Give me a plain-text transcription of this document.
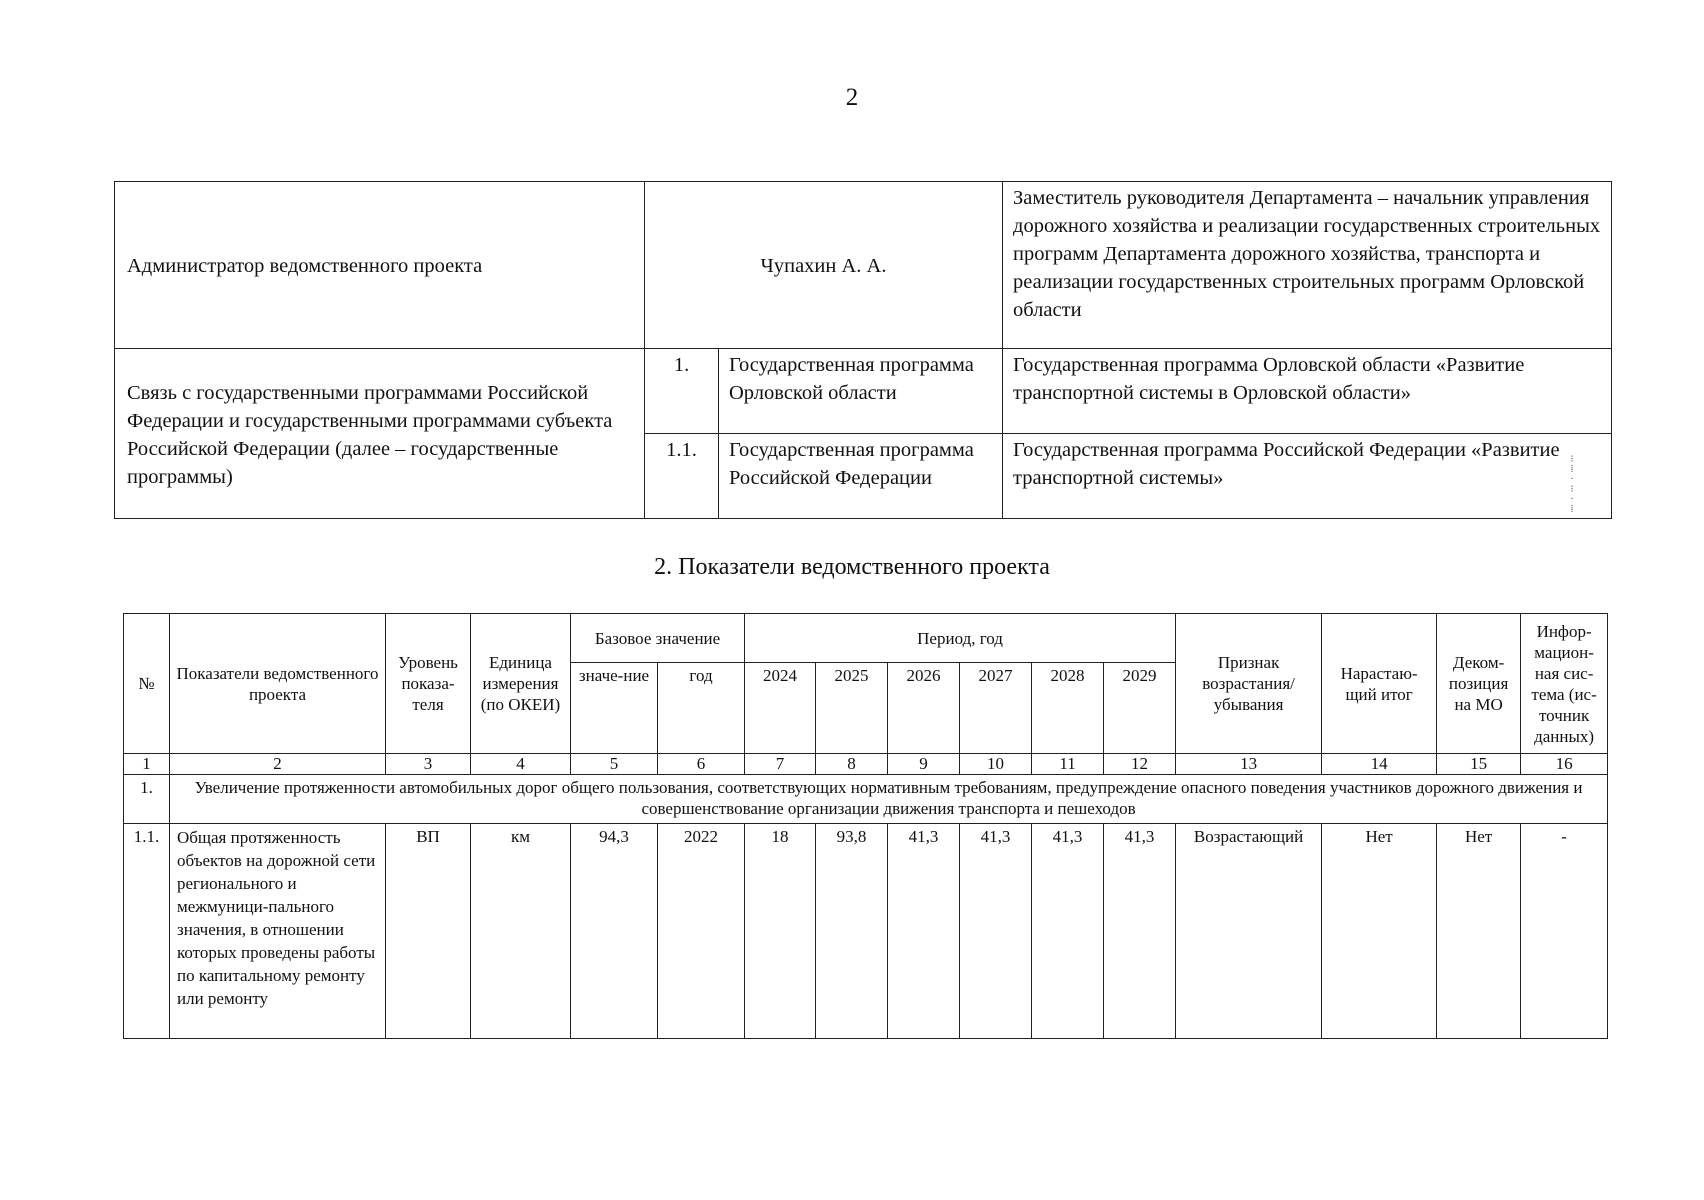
2
Администратор ведомственного проекта	Чупахин А. А.		Заместитель руководителя Департамента – начальник управления дорожного хозяйства и реализации государственных строительных программ Департамента дорожного хозяйства, транспорта и реализации государственных строительных программ Орловской области
Связь с государственными программами Российской Федерации и государственными программами субъекта Российской Федерации (далее – государственные программы)	1.	Государственная программа Орловской области	Государственная программа Орловской области «Развитие транспортной системы в Орловской области»
	1.1.	Государственная программа Российской Федерации	Государственная программа Российской Федерации «Развитие транспортной системы»
⁝
⁞
·
⁝
·
⁞
2. Показатели ведомственного проекта
№	Показатели ведомственного проекта	Уровень показа-теля	Единица измерения (по ОКЕИ)	Базовое значение		Период, год						Признак возрастания/ убывания	Нарастаю-щий итог	Деком-позиция на МО	Инфор-мацион-ная сис-тема (ис-точник данных)
				значе-ние	год	2024	2025	2026	2027	2028	2029				
1	2	3	4	5	6	7	8	9	10	11	12	13	14	15	16
1.	Увеличение протяженности автомобильных дорог общего пользования, соответствующих нормативным требованиям, предупреждение опасного поведения участников дорожного движения и совершенствование организации движения транспорта и пешеходов														
1.1.	Общая протяженность объектов на дорожной сети регионального и межмуници-пального значения, в отношении которых проведены работы по капитальному ремонту или ремонту	ВП	км	94,3	2022	18	93,8	41,3	41,3	41,3	41,3	Возрастающий	Нет	Нет	-
